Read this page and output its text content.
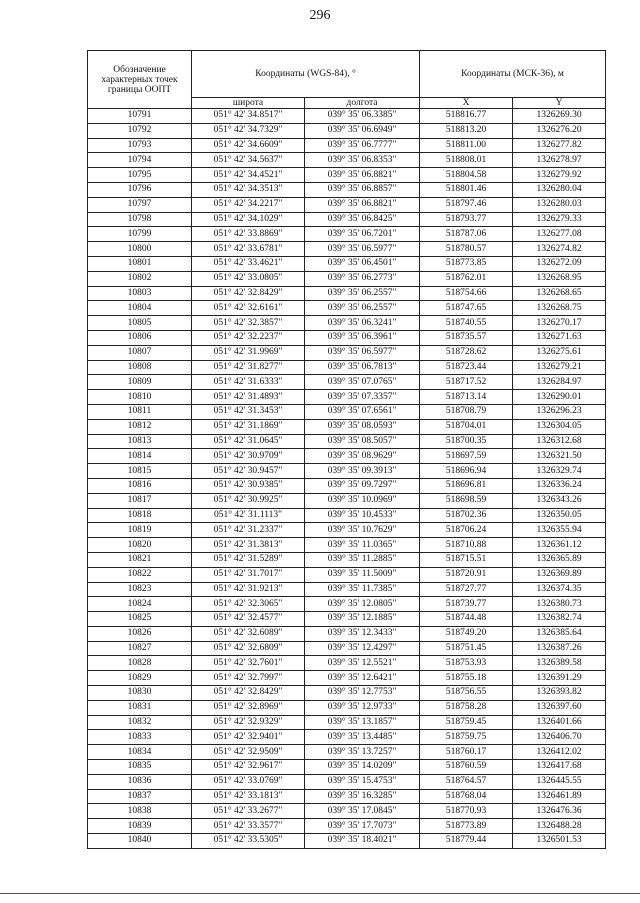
296
Обозначение характерных точек границы ООПТ	Координаты (WGS-84), °		Координаты (МСК-36), м	
	широта	долгота	X	Y
10791	051° 42' 34.8517"	039° 35' 06.3385"	518816.77	1326269.30
10792	051° 42' 34.7329"	039° 35' 06.6949"	518813.20	1326276.20
10793	051° 42' 34.6609"	039° 35' 06.7777"	518811.00	1326277.82
10794	051° 42' 34.5637"	039° 35' 06.8353"	518808.01	1326278.97
10795	051° 42' 34.4521"	039° 35' 06.8821"	518804.58	1326279.92
10796	051° 42' 34.3513"	039° 35' 06.8857"	518801.46	1326280.04
10797	051° 42' 34.2217"	039° 35' 06.8821"	518797.46	1326280.03
10798	051° 42' 34.1029"	039° 35' 06.8425"	518793.77	1326279.33
10799	051° 42' 33.8869"	039° 35' 06.7201"	518787.06	1326277.08
10800	051° 42' 33.6781"	039° 35' 06.5977"	518780.57	1326274.82
10801	051° 42' 33.4621"	039° 35' 06.4501"	518773.85	1326272.09
10802	051° 42' 33.0805"	039° 35' 06.2773"	518762.01	1326268.95
10803	051° 42' 32.8429"	039° 35' 06.2557"	518754.66	1326268.65
10804	051° 42' 32.6161"	039° 35' 06.2557"	518747.65	1326268.75
10805	051° 42' 32.3857"	039° 35' 06.3241"	518740.55	1326270.17
10806	051° 42' 32.2237"	039° 35' 06.3961"	518735.57	1326271.63
10807	051° 42' 31.9969"	039° 35' 06.5977"	518728.62	1326275.61
10808	051° 42' 31.8277"	039° 35' 06.7813"	518723.44	1326279.21
10809	051° 42' 31.6333"	039° 35' 07.0765"	518717.52	1326284.97
10810	051° 42' 31.4893"	039° 35' 07.3357"	518713.14	1326290.01
10811	051° 42' 31.3453"	039° 35' 07.6561"	518708.79	1326296.23
10812	051° 42' 31.1869"	039° 35' 08.0593"	518704.01	1326304.05
10813	051° 42' 31.0645"	039° 35' 08.5057"	518700.35	1326312.68
10814	051° 42' 30.9709"	039° 35' 08.9629"	518697.59	1326321.50
10815	051° 42' 30.9457"	039° 35' 09.3913"	518696.94	1326329.74
10816	051° 42' 30.9385"	039° 35' 09.7297"	518696.81	1326336.24
10817	051° 42' 30.9925"	039° 35' 10.0969"	518698.59	1326343.26
10818	051° 42' 31.1113"	039° 35' 10.4533"	518702.36	1326350.05
10819	051° 42' 31.2337"	039° 35' 10.7629"	518706.24	1326355.94
10820	051° 42' 31.3813"	039° 35' 11.0365"	518710.88	1326361.12
10821	051° 42' 31.5289"	039° 35' 11.2885"	518715.51	1326365.89
10822	051° 42' 31.7017"	039° 35' 11.5009"	518720.91	1326369.89
10823	051° 42' 31.9213"	039° 35' 11.7385"	518727.77	1326374.35
10824	051° 42' 32.3065"	039° 35' 12.0805"	518739.77	1326380.73
10825	051° 42' 32.4577"	039° 35' 12.1885"	518744.48	1326382.74
10826	051° 42' 32.6089"	039° 35' 12.3433"	518749.20	1326385.64
10827	051° 42' 32.6809"	039° 35' 12.4297"	518751.45	1326387.26
10828	051° 42' 32.7601"	039° 35' 12.5521"	518753.93	1326389.58
10829	051° 42' 32.7997"	039° 35' 12.6421"	518755.18	1326391.29
10830	051° 42' 32.8429"	039° 35' 12.7753"	518756.55	1326393.82
10831	051° 42' 32.8969"	039° 35' 12.9733"	518758.28	1326397.60
10832	051° 42' 32.9329"	039° 35' 13.1857"	518759.45	1326401.66
10833	051° 42' 32.9401"	039° 35' 13.4485"	518759.75	1326406.70
10834	051° 42' 32.9509"	039° 35' 13.7257"	518760.17	1326412.02
10835	051° 42' 32.9617"	039° 35' 14.0209"	518760.59	1326417.68
10836	051° 42' 33.0769"	039° 35' 15.4753"	518764.57	1326445.55
10837	051° 42' 33.1813"	039° 35' 16.3285"	518768.04	1326461.89
10838	051° 42' 33.2677"	039° 35' 17.0845"	518770.93	1326476.36
10839	051° 42' 33.3577"	039° 35' 17.7073"	518773.89	1326488.28
10840	051° 42' 33.5305"	039° 35' 18.4021"	518779.44	1326501.53
